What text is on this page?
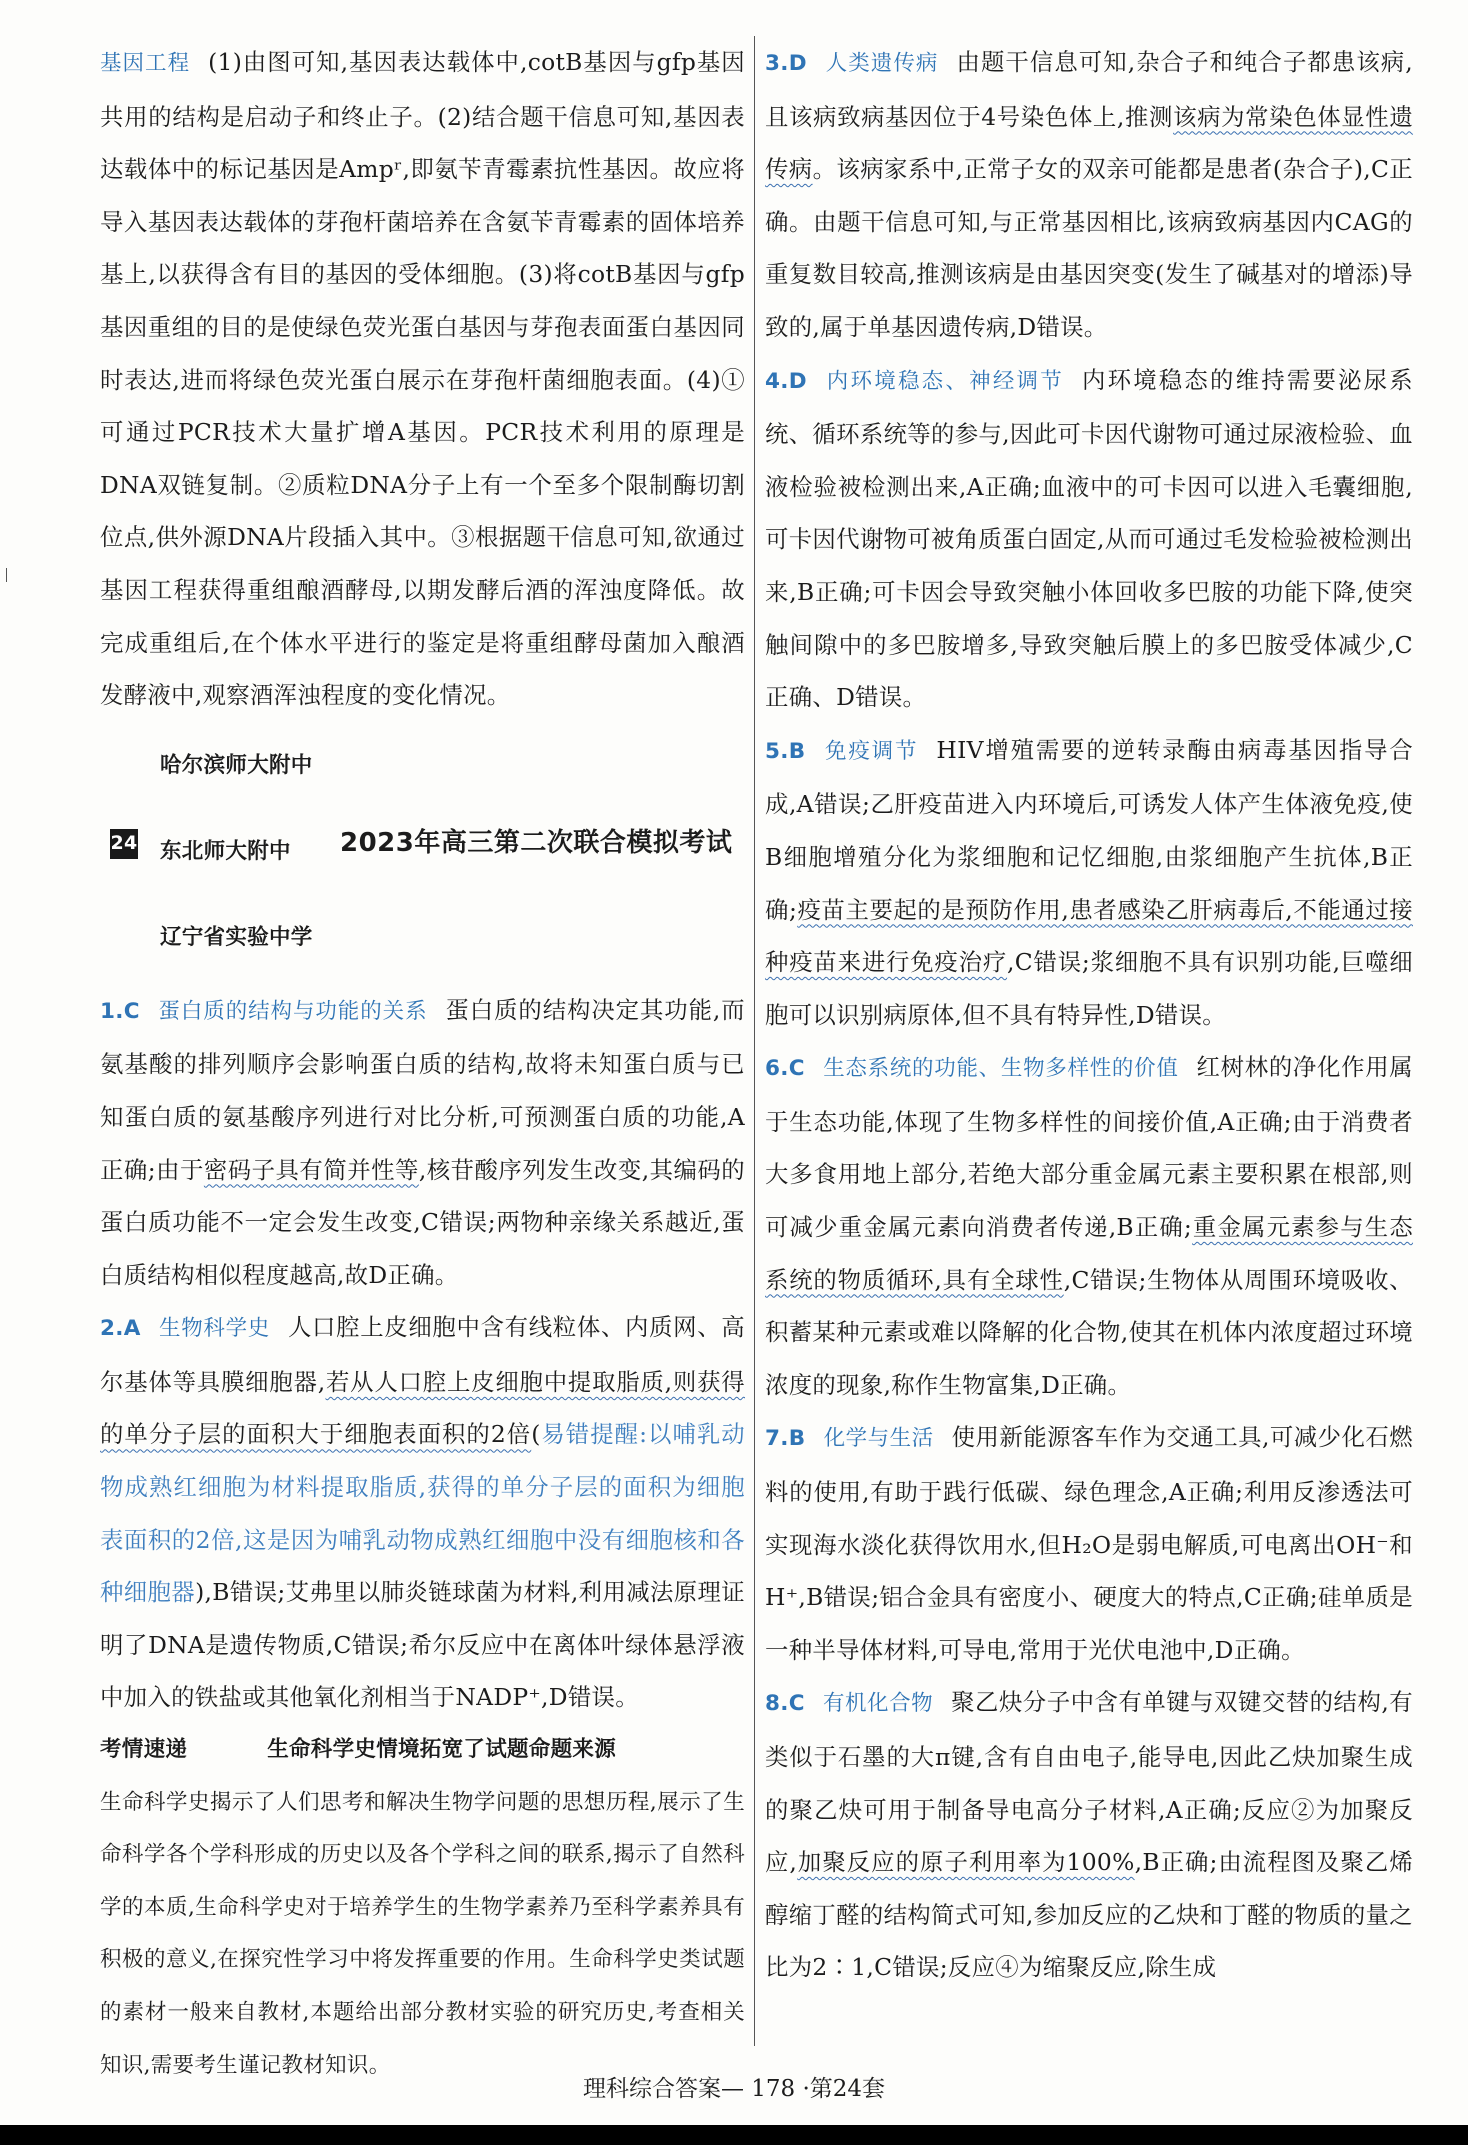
基因工程 (1)由图可知,基因表达载体中,cotB基因与gfp基因共用的结构是启动子和终止子。(2)结合题干信息可知,基因表达载体中的标记基因是Ampʳ,即氨苄青霉素抗性基因。故应将导入基因表达载体的芽孢杆菌培养在含氨苄青霉素的固体培养基上,以获得含有目的基因的受体细胞。(3)将cotB基因与gfp基因重组的目的是使绿色荧光蛋白基因与芽孢表面蛋白基因同时表达,进而将绿色荧光蛋白展示在芽孢杆菌细胞表面。(4)①可通过PCR技术大量扩增A基因。PCR技术利用的原理是DNA双链复制。②质粒DNA分子上有一个至多个限制酶切割位点,供外源DNA片段插入其中。③根据题干信息可知,欲通过基因工程获得重组酿酒酵母,以期发酵后酒的浑浊度降低。故完成重组后,在个体水平进行的鉴定是将重组酵母菌加入酿酒发酵液中,观察酒浑浊程度的变化情况。

哈尔滨师大附中
24 东北师大附中 2023年高三第二次联合模拟考试
辽宁省实验中学

1.C 蛋白质的结构与功能的关系 蛋白质的结构决定其功能,而氨基酸的排列顺序会影响蛋白质的结构,故将未知蛋白质与已知蛋白质的氨基酸序列进行对比分析,可预测蛋白质的功能,A正确;由于密码子具有简并性等,核苷酸序列发生改变,其编码的蛋白质功能不一定会发生改变,C错误;两物种亲缘关系越近,蛋白质结构相似程度越高,故D正确。

2.A 生物科学史 人口腔上皮细胞中含有线粒体、内质网、高尔基体等具膜细胞器,若从人口腔上皮细胞中提取脂质,则获得的单分子层的面积大于细胞表面积的2倍(易错提醒:以哺乳动物成熟红细胞为材料提取脂质,获得的单分子层的面积为细胞表面积的2倍,这是因为哺乳动物成熟红细胞中没有细胞核和各种细胞器),B错误;艾弗里以肺炎链球菌为材料,利用减法原理证明了DNA是遗传物质,C错误;希尔反应中在离体叶绿体悬浮液中加入的铁盐或其他氧化剂相当于NADP⁺,D错误。

考情速递	生命科学史情境拓宽了试题命题来源

生命科学史揭示了人们思考和解决生物学问题的思想历程,展示了生命科学各个学科形成的历史以及各个学科之间的联系,揭示了自然科学的本质,生命科学史对于培养学生的生物学素养乃至科学素养具有积极的意义,在探究性学习中将发挥重要的作用。生命科学史类试题的素材一般来自教材,本题给出部分教材实验的研究历史,考查相关知识,需要考生谨记教材知识。

3.D 人类遗传病 由题干信息可知,杂合子和纯合子都患该病,且该病致病基因位于4号染色体上,推测该病为常染色体显性遗传病。该病家系中,正常子女的双亲可能都是患者(杂合子),C正确。由题干信息可知,与正常基因相比,该病致病基因内CAG的重复数目较高,推测该病是由基因突变(发生了碱基对的增添)导致的,属于单基因遗传病,D错误。

4.D 内环境稳态、神经调节 内环境稳态的维持需要泌尿系统、循环系统等的参与,因此可卡因代谢物可通过尿液检验、血液检验被检测出来,A正确;血液中的可卡因可以进入毛囊细胞,可卡因代谢物可被角质蛋白固定,从而可通过毛发检验被检测出来,B正确;可卡因会导致突触小体回收多巴胺的功能下降,使突触间隙中的多巴胺增多,导致突触后膜上的多巴胺受体减少,C正确、D错误。

5.B 免疫调节 HIV增殖需要的逆转录酶由病毒基因指导合成,A错误;乙肝疫苗进入内环境后,可诱发人体产生体液免疫,使B细胞增殖分化为浆细胞和记忆细胞,由浆细胞产生抗体,B正确;疫苗主要起的是预防作用,患者感染乙肝病毒后,不能通过接种疫苗来进行免疫治疗,C错误;浆细胞不具有识别功能,巨噬细胞可以识别病原体,但不具有特异性,D错误。

6.C 生态系统的功能、生物多样性的价值 红树林的净化作用属于生态功能,体现了生物多样性的间接价值,A正确;由于消费者大多食用地上部分,若绝大部分重金属元素主要积累在根部,则可减少重金属元素向消费者传递,B正确;重金属元素参与生态系统的物质循环,具有全球性,C错误;生物体从周围环境吸收、积蓄某种元素或难以降解的化合物,使其在机体内浓度超过环境浓度的现象,称作生物富集,D正确。

7.B 化学与生活 使用新能源客车作为交通工具,可减少化石燃料的使用,有助于践行低碳、绿色理念,A正确;利用反渗透法可实现海水淡化获得饮用水,但H₂O是弱电解质,可电离出OH⁻和H⁺,B错误;铝合金具有密度小、硬度大的特点,C正确;硅单质是一种半导体材料,可导电,常用于光伏电池中,D正确。

8.C 有机化合物 聚乙炔分子中含有单键与双键交替的结构,有类似于石墨的大π键,含有自由电子,能导电,因此乙炔加聚生成的聚乙炔可用于制备导电高分子材料,A正确;反应②为加聚反应,加聚反应的原子利用率为100%,B正确;由流程图及聚乙烯醇缩丁醛的结构简式可知,参加反应的乙炔和丁醛的物质的量之比为2∶1,C错误;反应④为缩聚反应,除生成

理科综合答案— 178 ·第24套
